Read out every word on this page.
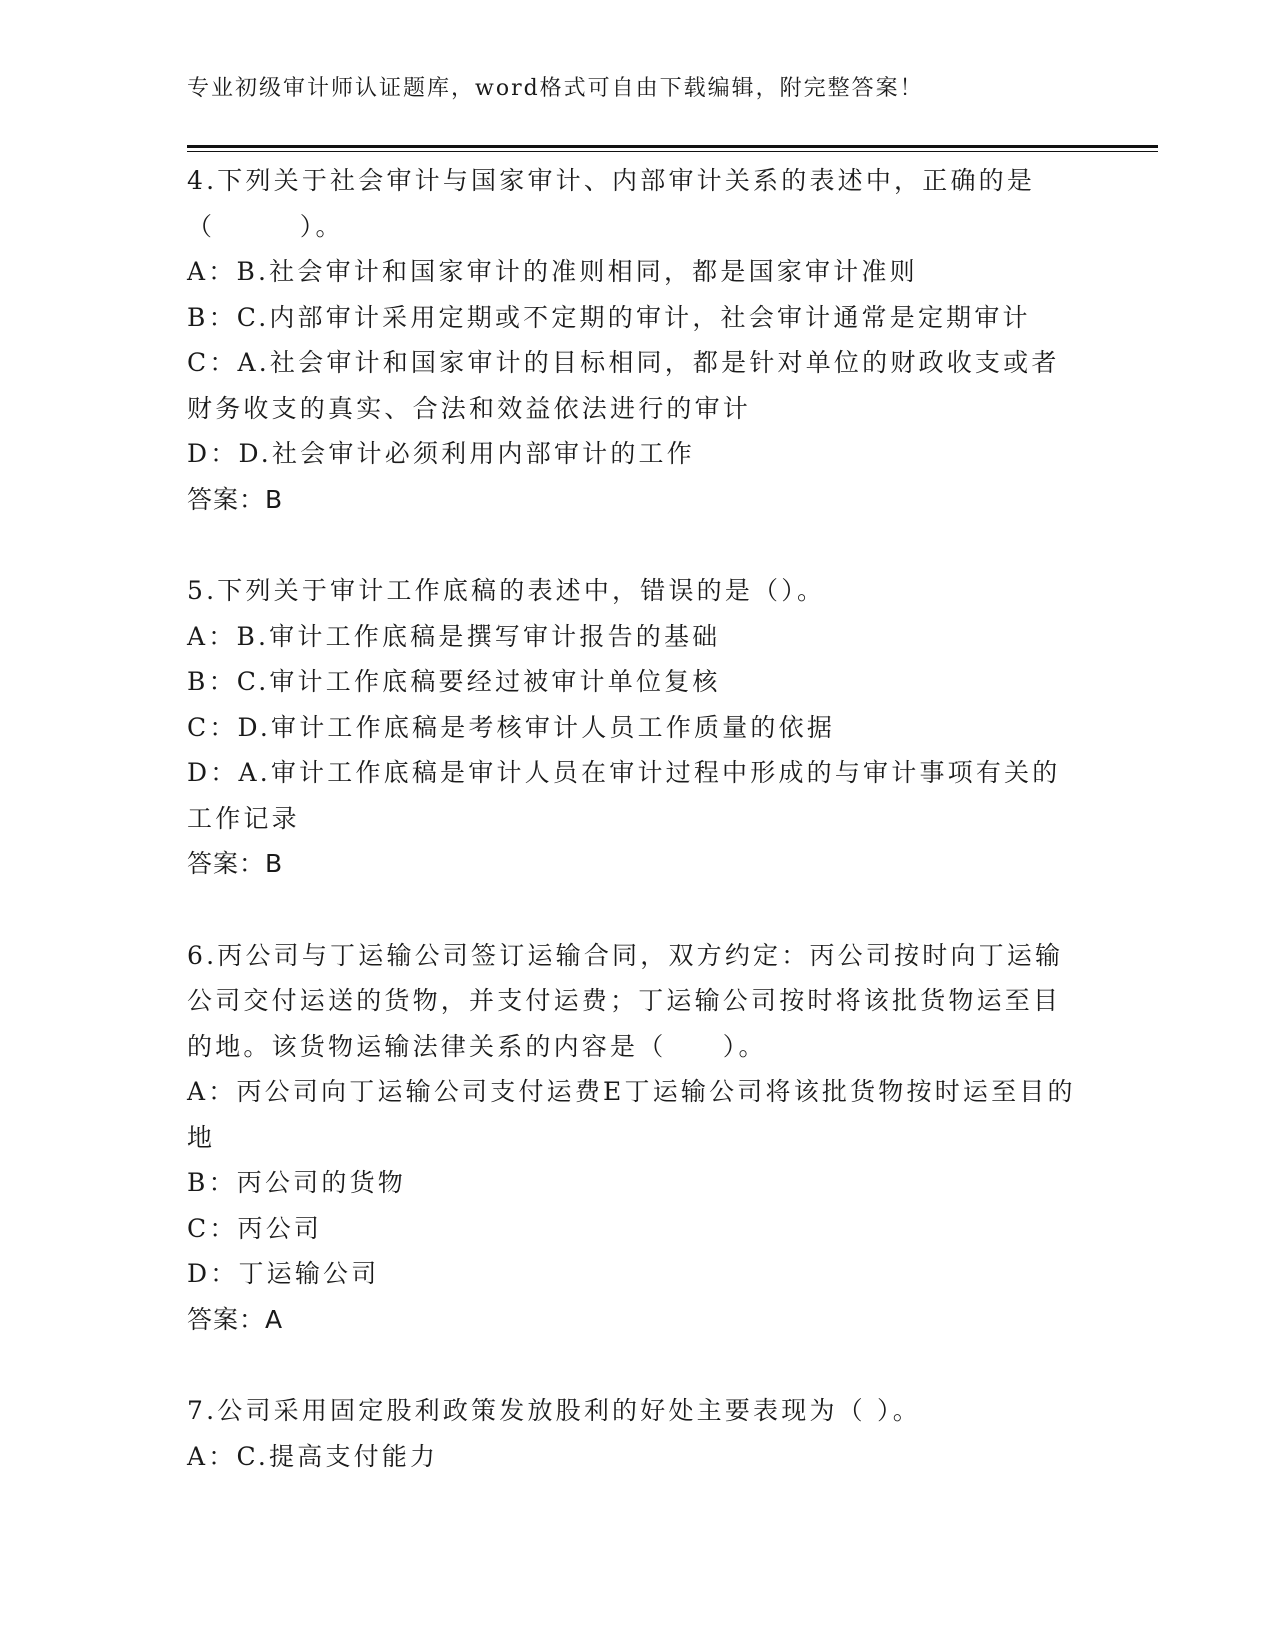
专业初级审计师认证题库，word格式可自由下载编辑，附完整答案！

4.下列关于社会审计与国家审计、内部审计关系的表述中，正确的是（　　　）。

A：B.社会审计和国家审计的准则相同，都是国家审计准则

B：C.内部审计采用定期或不定期的审计，社会审计通常是定期审计

C：A.社会审计和国家审计的目标相同，都是针对单位的财政收支或者财务收支的真实、合法和效益依法进行的审计

D：D.社会审计必须利用内部审计的工作

答案：B

5.下列关于审计工作底稿的表述中，错误的是（）。

A：B.审计工作底稿是撰写审计报告的基础

B：C.审计工作底稿要经过被审计单位复核

C：D.审计工作底稿是考核审计人员工作质量的依据

D：A.审计工作底稿是审计人员在审计过程中形成的与审计事项有关的工作记录

答案：B

6.丙公司与丁运输公司签订运输合同，双方约定：丙公司按时向丁运输公司交付运送的货物，并支付运费；丁运输公司按时将该批货物运至目的地。该货物运输法律关系的内容是（　　）。

A：丙公司向丁运输公司支付运费E丁运输公司将该批货物按时运至目的地

B：丙公司的货物

C：丙公司

D：丁运输公司

答案：A

7.公司采用固定股利政策发放股利的好处主要表现为（ ）。

A：C.提高支付能力
